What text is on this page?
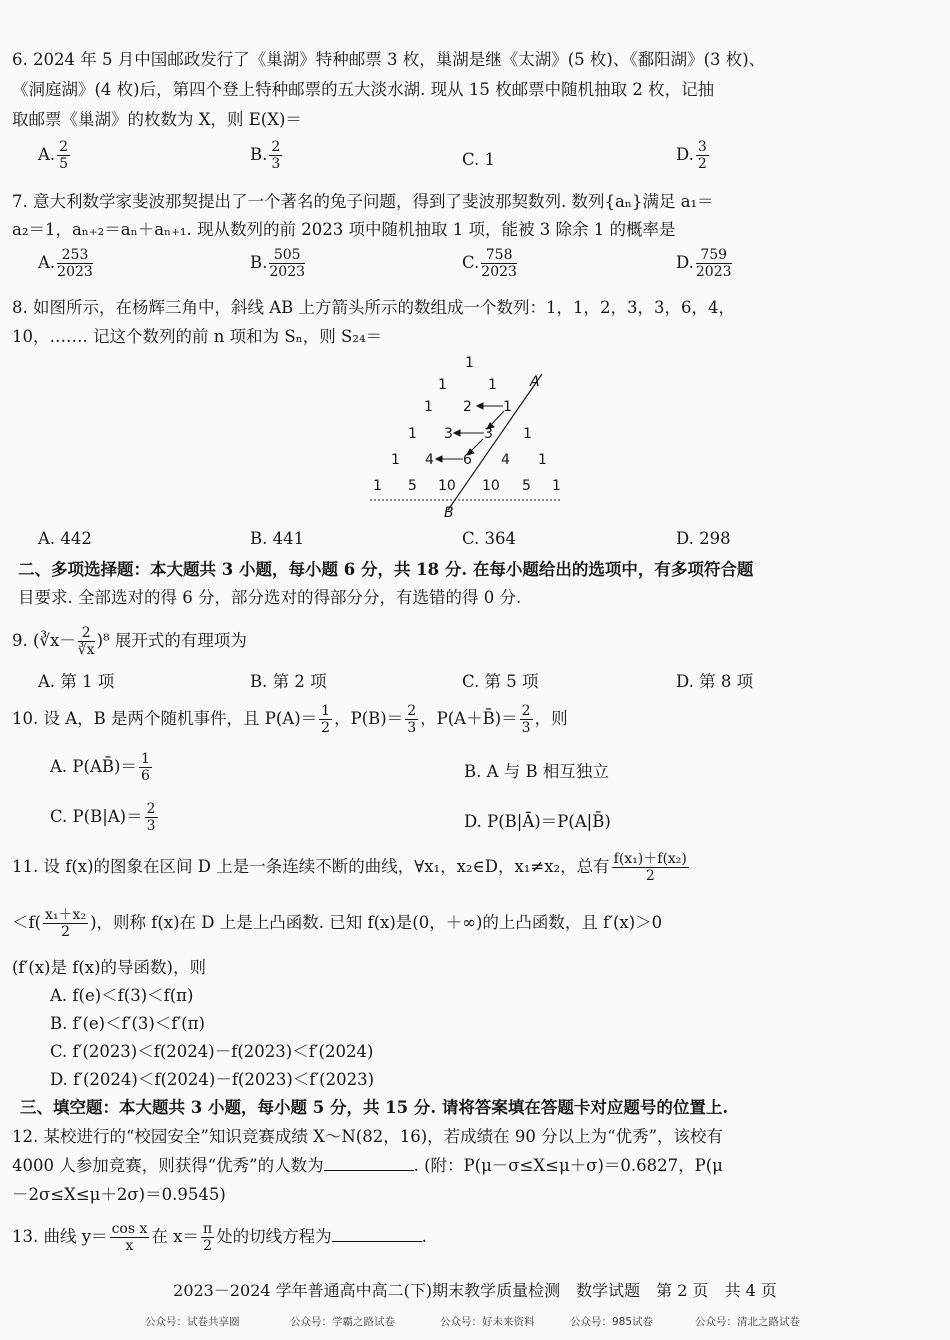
6. 2024 年 5 月中国邮政发行了《巢湖》特种邮票 3 枚，巢湖是继《太湖》(5 枚)、《鄱阳湖》(3 枚)、
《洞庭湖》(4 枚)后，第四个登上特种邮票的五大淡水湖. 现从 15 枚邮票中随机抽取 2 枚，记抽
取邮票《巢湖》的枚数为 X，则 E(X)＝
A. $\frac{2}{5}$	B. $\frac{2}{3}$	C. 1	D. $\frac{3}{2}$
7. 意大利数学家斐波那契提出了一个著名的兔子问题，得到了斐波那契数列. 数列{aₙ}满足 a₁＝
a₂＝1，aₙ₊₂＝aₙ＋aₙ₊₁. 现从数列的前 2023 项中随机抽取 1 项，能被 3 除余 1 的概率是
A. $\frac{253}{2023}$	B. $\frac{505}{2023}$	C. $\frac{758}{2023}$	D. $\frac{759}{2023}$
8. 如图所示，在杨辉三角中，斜线 AB 上方箭头所示的数组成一个数列：1，1，2，3，3，6，4，
10，……. 记这个数列的前 n 项和为 Sₙ，则 S₂₄＝
1
1	1 A
1 2 1
1 3 3 1
1 4 6 4 1
1 5 10 10 5 1
B
A. 442	B. 441	C. 364	D. 298
二、多项选择题：本大题共 3 小题，每小题 6 分，共 18 分. 在每小题给出的选项中，有多项符合题
目要求. 全部选对的得 6 分，部分选对的得部分分，有选错的得 0 分.
9. (∛x－ $\frac{2}{∛x} )^8$ 展开式的有理项为
A. 第 1 项	B. 第 2 项	C. 第 5 项	D. 第 8 项
10. 设 A，B 是两个随机事件，且 $P(A)= \frac{1}{2}$ ，$P(B)= \frac{2}{3}$ ，P(A＋B̄)＝ $\frac{2}{3}$ ，则
A. P(AB̄)＝ $\frac{1}{6}$	B. A 与 B 相互独立
C. $P(B|A)= \frac{2}{3}$	D. P(B|Ā)＝P(A|B̄)
11. 设 f(x)的图象在区间 D 上是一条连续不断的曲线，∀x₁，x₂∈D，x₁≠x₂，总有 $\frac{\text{f(x₁)＋f(x₂)}}{2}$
$<f( \frac{\text{x₁＋x₂}}{2}$ )，则称 f(x)在 D 上是上凸函数. 已知 f(x)是(0，＋∞)的上凸函数，且 f′(x)＞0
(f′(x)是 f(x)的导函数)，则
A. f(e)＜f(3)＜f(π)
B. f′(e)＜f′(3)＜f′(π)
C. f′(2023)＜f(2024)－f(2023)＜f′(2024)
D. f′(2024)＜f(2024)－f(2023)＜f′(2023)
三、填空题：本大题共 3 小题，每小题 5 分，共 15 分. 请将答案填在答题卡对应题号的位置上.
12. 某校进行的“校园安全”知识竞赛成绩 X～N(82，16)，若成绩在 90 分以上为“优秀”，该校有
4000 人参加竞赛，则获得“优秀”的人数为	. (附：P(μ－σ≤X≤μ＋σ)＝0.6827，P(μ
－2σ≤X≤μ＋2σ)＝0.9545)
13. 曲线 $y= \frac{\text{cos x}}{x}$ 在 $x= \frac{\pi}{2}$ 处的切线方程为	.
2023－2024 学年普通高中高二(下)期末教学质量检测　数学试题　第 2 页　共 4 页
公众号：试卷共享圈	公众号：学霸之路试卷	公众号：好未来资料	公众号：985试卷	公众号：清北之路试卷
